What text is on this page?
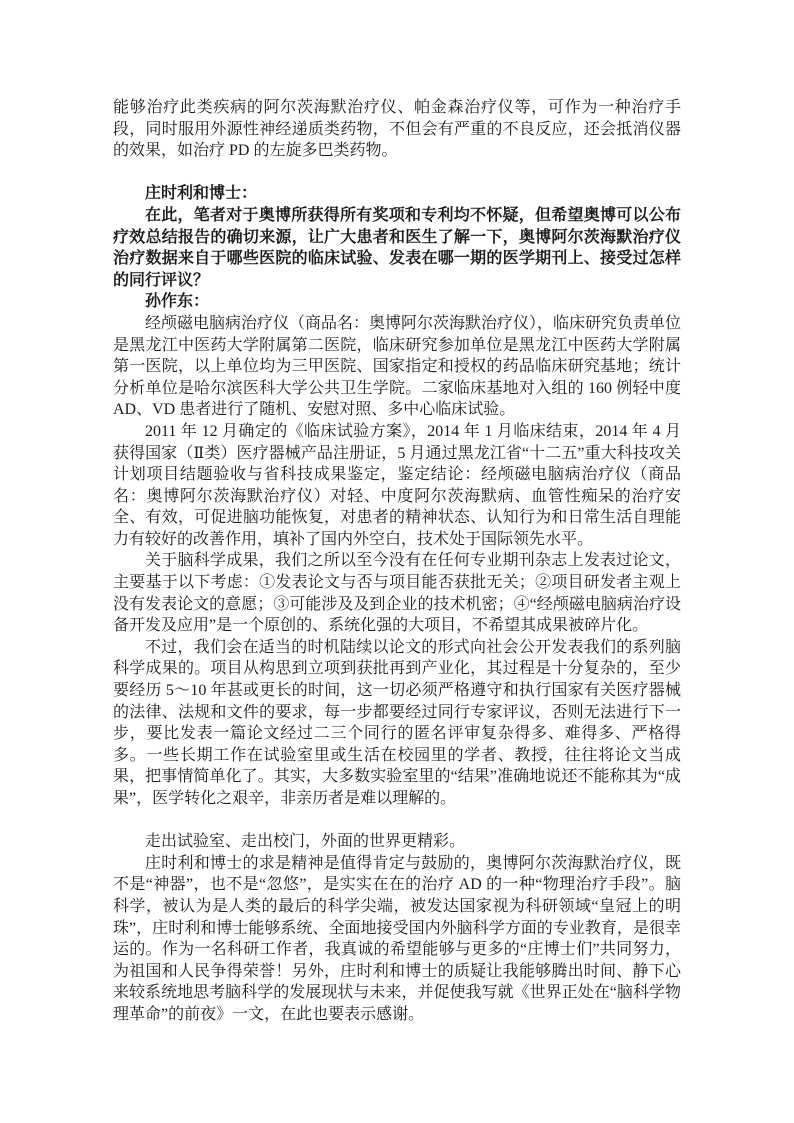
能够治疗此类疾病的阿尔茨海默治疗仪、帕金森治疗仪等，可作为一种治疗手段，同时服用外源性神经递质类药物，不但会有严重的不良反应，还会抵消仪器的效果，如治疗 PD 的左旋多巴类药物。

庄时利和博士：

在此，笔者对于奥博所获得所有奖项和专利均不怀疑，但希望奥博可以公布疗效总结报告的确切来源，让广大患者和医生了解一下，奥博阿尔茨海默治疗仪治疗数据来自于哪些医院的临床试验、发表在哪一期的医学期刊上、接受过怎样的同行评议？

孙作东：

经颅磁电脑病治疗仪（商品名：奥博阿尔茨海默治疗仪），临床研究负责单位是黑龙江中医药大学附属第二医院，临床研究参加单位是黑龙江中医药大学附属第一医院，以上单位均为三甲医院、国家指定和授权的药品临床研究基地；统计分析单位是哈尔滨医科大学公共卫生学院。二家临床基地对入组的 160 例轻中度 AD、VD 患者进行了随机、安慰对照、多中心临床试验。

2011 年 12 月确定的《临床试验方案》，2014 年 1 月临床结束，2014 年 4 月获得国家（Ⅱ类）医疗器械产品注册证，5 月通过黑龙江省“十二五”重大科技攻关计划项目结题验收与省科技成果鉴定，鉴定结论：经颅磁电脑病治疗仪（商品名：奥博阿尔茨海默治疗仪）对轻、中度阿尔茨海默病、血管性痴呆的治疗安全、有效，可促进脑功能恢复，对患者的精神状态、认知行为和日常生活自理能力有较好的改善作用，填补了国内外空白，技术处于国际领先水平。

关于脑科学成果，我们之所以至今没有在任何专业期刊杂志上发表过论文，主要基于以下考虑：①发表论文与否与项目能否获批无关；②项目研发者主观上没有发表论文的意愿；③可能涉及及到企业的技术机密；④“经颅磁电脑病治疗设备开发及应用”是一个原创的、系统化强的大项目，不希望其成果被碎片化。

不过，我们会在适当的时机陆续以论文的形式向社会公开发表我们的系列脑科学成果的。项目从构思到立项到获批再到产业化，其过程是十分复杂的，至少要经历 5～10 年甚或更长的时间，这一切必须严格遵守和执行国家有关医疗器械的法律、法规和文件的要求，每一步都要经过同行专家评议，否则无法进行下一步，要比发表一篇论文经过二三个同行的匿名评审复杂得多、难得多、严格得多。一些长期工作在试验室里或生活在校园里的学者、教授，往往将论文当成果，把事情简单化了。其实，大多数实验室里的“结果”准确地说还不能称其为“成果”，医学转化之艰辛，非亲历者是难以理解的。

走出试验室、走出校门，外面的世界更精彩。

庄时利和博士的求是精神是值得肯定与鼓励的，奥博阿尔茨海默治疗仪，既不是“神器”，也不是“忽悠”，是实实在在的治疗 AD 的一种“物理治疗手段”。脑科学，被认为是人类的最后的科学尖端，被发达国家视为科研领域“皇冠上的明珠”，庄时利和博士能够系统、全面地接受国内外脑科学方面的专业教育，是很幸运的。作为一名科研工作者，我真诚的希望能够与更多的“庄博士们”共同努力，为祖国和人民争得荣誉！另外，庄时利和博士的质疑让我能够腾出时间、静下心来较系统地思考脑科学的发展现状与未来，并促使我写就《世界正处在“脑科学物理革命”的前夜》一文，在此也要表示感谢。
